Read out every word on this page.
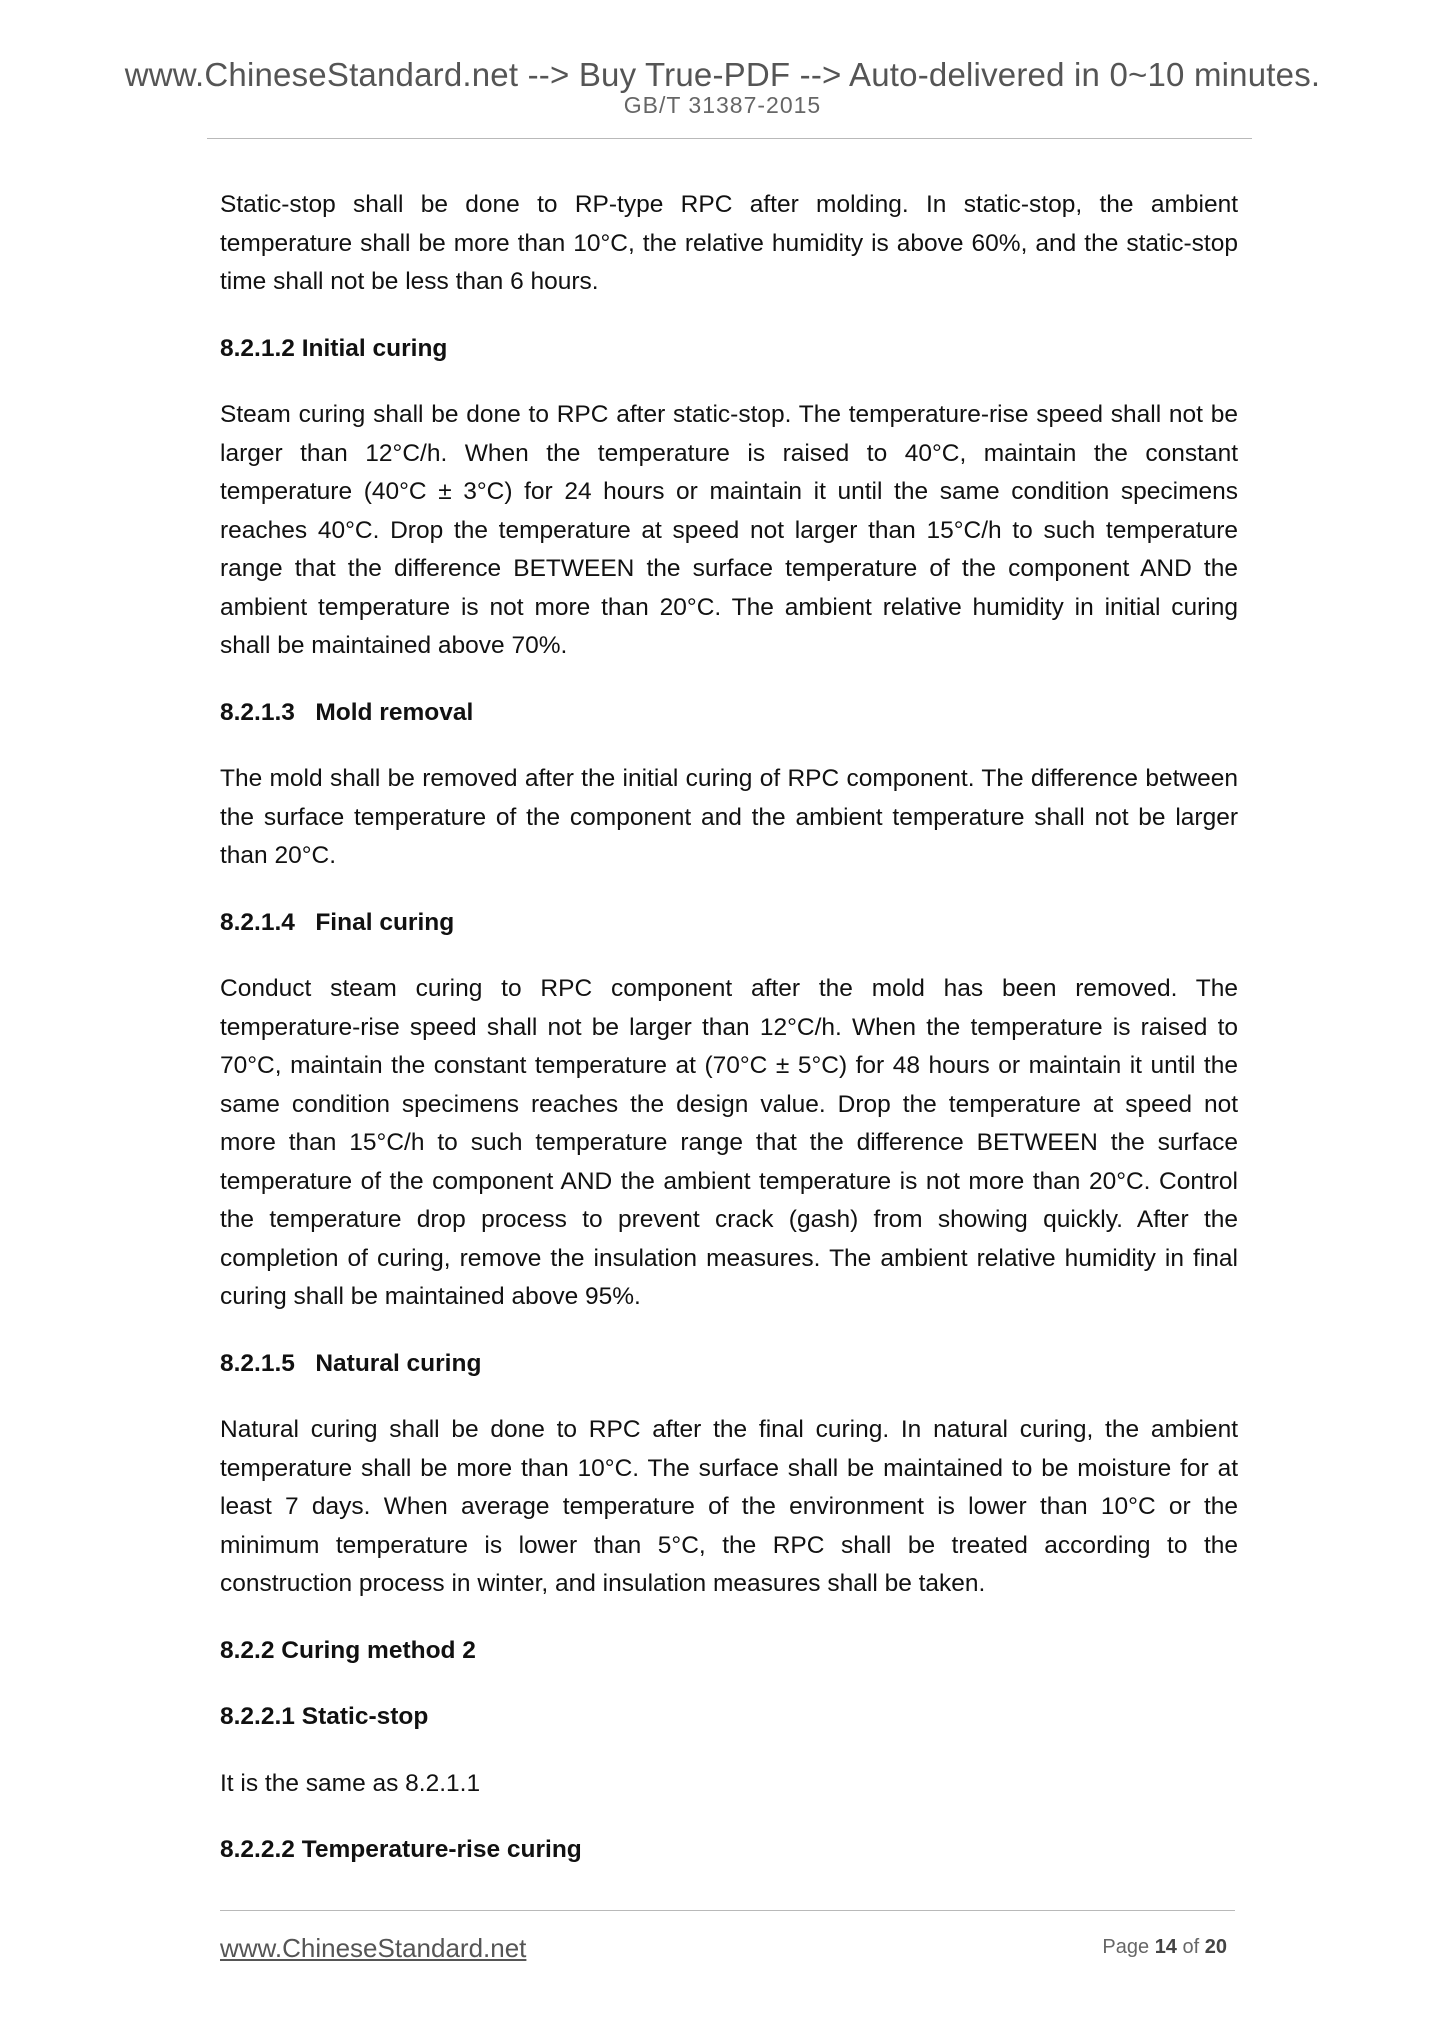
www.ChineseStandard.net --> Buy True-PDF --> Auto-delivered in 0~10 minutes.
GB/T 31387-2015

Static-stop shall be done to RP-type RPC after molding. In static-stop, the ambient temperature shall be more than 10°C, the relative humidity is above 60%, and the static-stop time shall not be less than 6 hours.

8.2.1.2 Initial curing

Steam curing shall be done to RPC after static-stop. The temperature-rise speed shall not be larger than 12°C/h. When the temperature is raised to 40°C, maintain the constant temperature (40°C ± 3°C) for 24 hours or maintain it until the same condition specimens reaches 40°C. Drop the temperature at speed not larger than 15°C/h to such temperature range that the difference BETWEEN the surface temperature of the component AND the ambient temperature is not more than 20°C. The ambient relative humidity in initial curing shall be maintained above 70%.

8.2.1.3   Mold removal

The mold shall be removed after the initial curing of RPC component. The difference between the surface temperature of the component and the ambient temperature shall not be larger than 20°C.

8.2.1.4   Final curing

Conduct steam curing to RPC component after the mold has been removed. The temperature-rise speed shall not be larger than 12°C/h. When the temperature is raised to 70°C, maintain the constant temperature at (70°C ± 5°C) for 48 hours or maintain it until the same condition specimens reaches the design value. Drop the temperature at speed not more than 15°C/h to such temperature range that the difference BETWEEN the surface temperature of the component AND the ambient temperature is not more than 20°C. Control the temperature drop process to prevent crack (gash) from showing quickly. After the completion of curing, remove the insulation measures. The ambient relative humidity in final curing shall be maintained above 95%.

8.2.1.5   Natural curing

Natural curing shall be done to RPC after the final curing. In natural curing, the ambient temperature shall be more than 10°C. The surface shall be maintained to be moisture for at least 7 days. When average temperature of the environment is lower than 10°C or the minimum temperature is lower than 5°C, the RPC shall be treated according to the construction process in winter, and insulation measures shall be taken.

8.2.2 Curing method 2
8.2.2.1 Static-stop

It is the same as 8.2.1.1

8.2.2.2 Temperature-rise curing
www.ChineseStandard.net	Page 14 of 20
